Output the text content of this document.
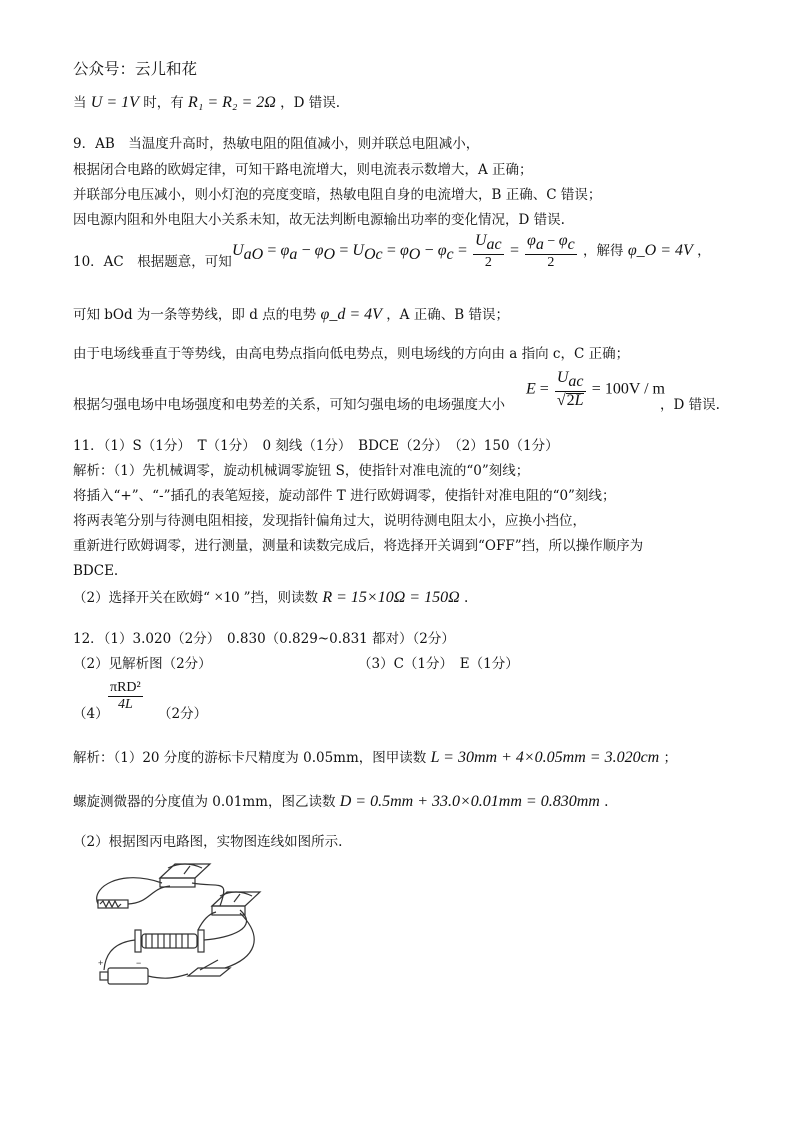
公众号：云儿和花
当 U = 1V 时，有 R₁ = R₂ = 2Ω ，D 错误.
9．AB　当温度升高时，热敏电阻的阻值减小，则并联总电阻减小，
根据闭合电路的欧姆定律，可知干路电流增大，则电流表示数增大，A 正确；
并联部分电压减小，则小灯泡的亮度变暗，热敏电阻自身的电流增大，B 正确、C 错误；
因电源内阻和外电阻大小关系未知，故无法判断电源输出功率的变化情况，D 错误.
10．AC　根据题意，可知
$U_{aO} = \varphi_a - \varphi_O = U_{Oc} = \varphi_O - \varphi_c = \frac{U_{ac}}{2} = \frac{\varphi_a - \varphi_c}{2}$ ，解得 φ_O = 4V ，
可知 bOd 为一条等势线，即 d 点的电势 φ_d = 4V ，A 正确、B 错误；
由于电场线垂直于等势线，由高电势点指向低电势点，则电场线的方向由 a 指向 c，C 正确；
根据匀强电场中电场强度和电势差的关系，可知匀强电场的电场强度大小
$E = \frac{U_{ac}}{√2L} = 100V / m$
，D 错误.
11．（1）S（1分）　T（1分）　0 刻线（1分）　BDCE（2分）　（2）150（1分）
解析：（1）先机械调零，旋动机械调零旋钮 S，使指针对准电流的“0”刻线；
将插入“+”、“-”插孔的表笔短接，旋动部件 T 进行欧姆调零，使指针对准电阻的“0”刻线；
将两表笔分别与待测电阻相接，发现指针偏角过大，说明待测电阻太小，应换小挡位，
重新进行欧姆调零，进行测量，测量和读数完成后，将选择开关调到“OFF”挡，所以操作顺序为
BDCE.
（2）选择开关在欧姆“ ×10 ”挡，则读数 R = 15×10Ω = 150Ω .
12．（1）3.020（2分）　0.830（0.829~0.831 都对）（2分）
（2）见解析图（2分）	（3）C（1分）　E（1分）
（4）
$\frac{\text{πRD²}}{4L}$
（2分）
解析：（1）20 分度的游标卡尺精度为 0.05mm，图甲读数 L = 30mm + 4×0.05mm = 3.020cm ；
螺旋测微器的分度值为 0.01mm，图乙读数 D = 0.5mm + 33.0×0.01mm = 0.830mm .
（2）根据图丙电路图，实物图连线如图所示.
+	−
